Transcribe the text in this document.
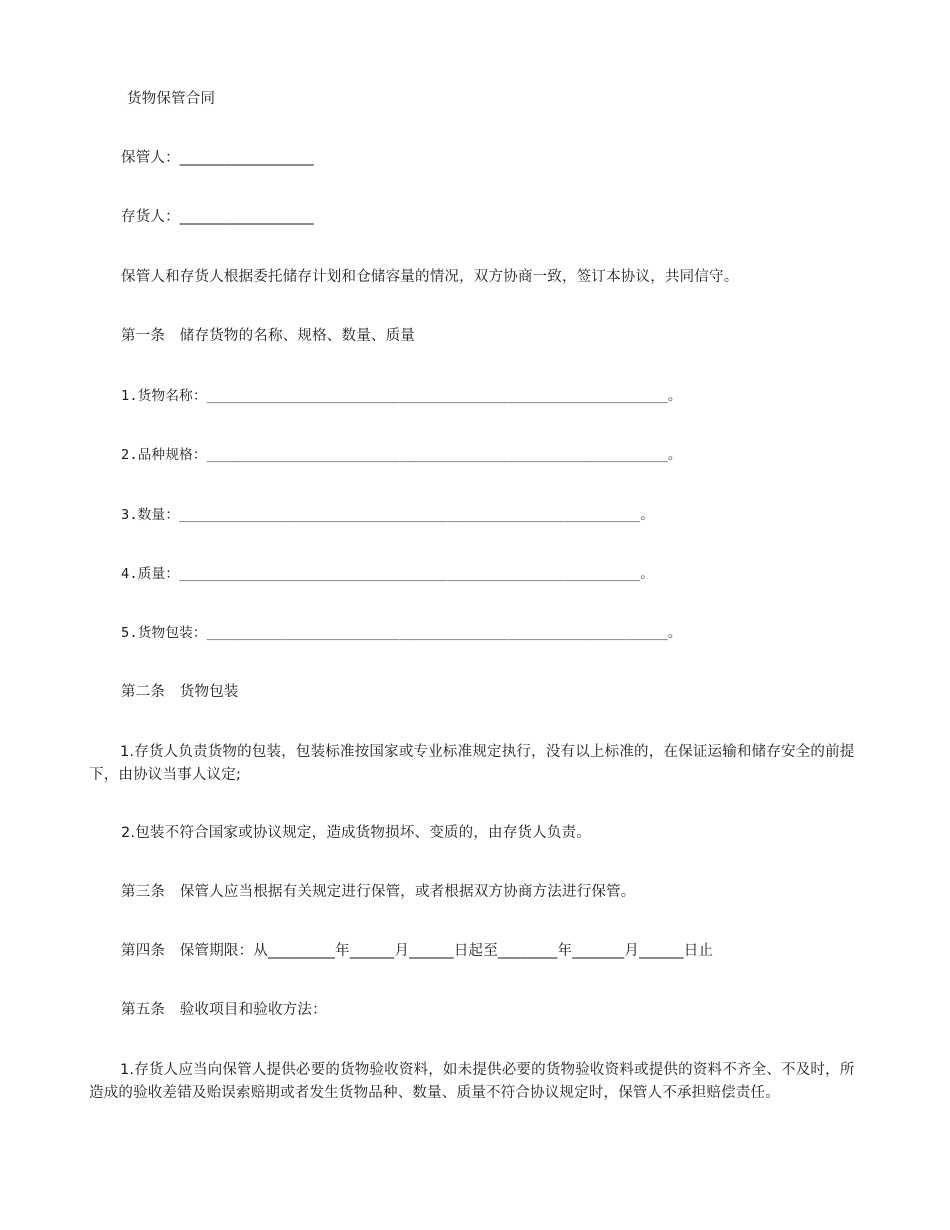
货物保管合同
保管人：__________________
存货人：__________________
保管人和存货人根据委托储存计划和仓储容量的情况，双方协商一致，签订本协议，共同信守。
第一条　储存货物的名称、规格、数量、质量
1.货物名称：_______________________________________________________。
2.品种规格：_______________________________________________________。
3.数量：_______________________________________________________。
4.质量：_______________________________________________________。
5.货物包装：_______________________________________________________。
第二条　货物包装
1.存货人负责货物的包装，包装标准按国家或专业标准规定执行，没有以上标准的，在保证运输和储存安全的前提下，由协议当事人议定;
2.包装不符合国家或协议规定，造成货物损坏、变质的，由存货人负责。
第三条　保管人应当根据有关规定进行保管，或者根据双方协商方法进行保管。
第四条　保管期限：从_________年______月______日起至________年_______月______日止
第五条　验收项目和验收方法：
1.存货人应当向保管人提供必要的货物验收资料，如未提供必要的货物验收资料或提供的资料不齐全、不及时，所造成的验收差错及贻误索赔期或者发生货物品种、数量、质量不符合协议规定时，保管人不承担赔偿责任。
